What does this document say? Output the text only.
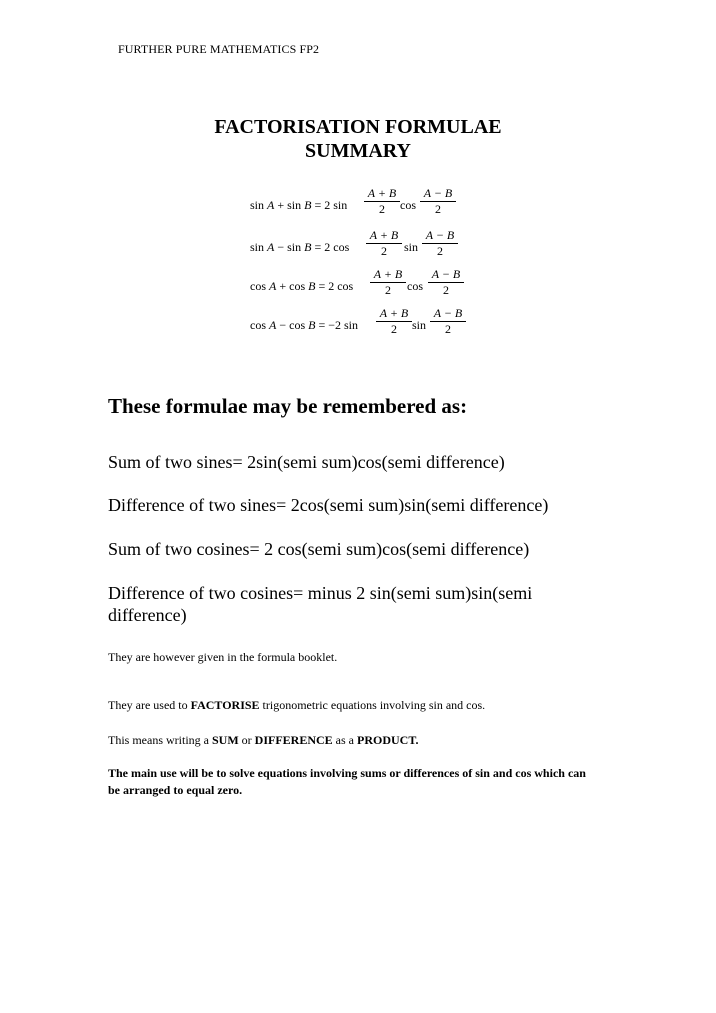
FURTHER PURE MATHEMATICS FP2
FACTORISATION FORMULAE
SUMMARY
sin A + sin B = 2 sin
A + B
2	cos
A − B
2
sin A − sin B = 2 cos
A + B
2	sin
A − B
2
cos A + cos B = 2 cos
A + B
2	cos
A − B
2
cos A − cos B = −2 sin
A + B
2	sin
A − B
2
These formulae may be remembered as:
Sum of two sines= 2sin(semi sum)cos(semi difference)
Difference of two sines= 2cos(semi sum)sin(semi difference)
Sum of two cosines= 2 cos(semi sum)cos(semi difference)
Difference of two cosines= minus 2 sin(semi sum)sin(semi difference)
They are however given in the formula booklet.
They are used to FACTORISE trigonometric equations involving sin and cos.
This means writing a SUM or DIFFERENCE as a PRODUCT.
The main use will be to solve equations involving sums or differences of sin and cos which can be arranged to equal zero.
